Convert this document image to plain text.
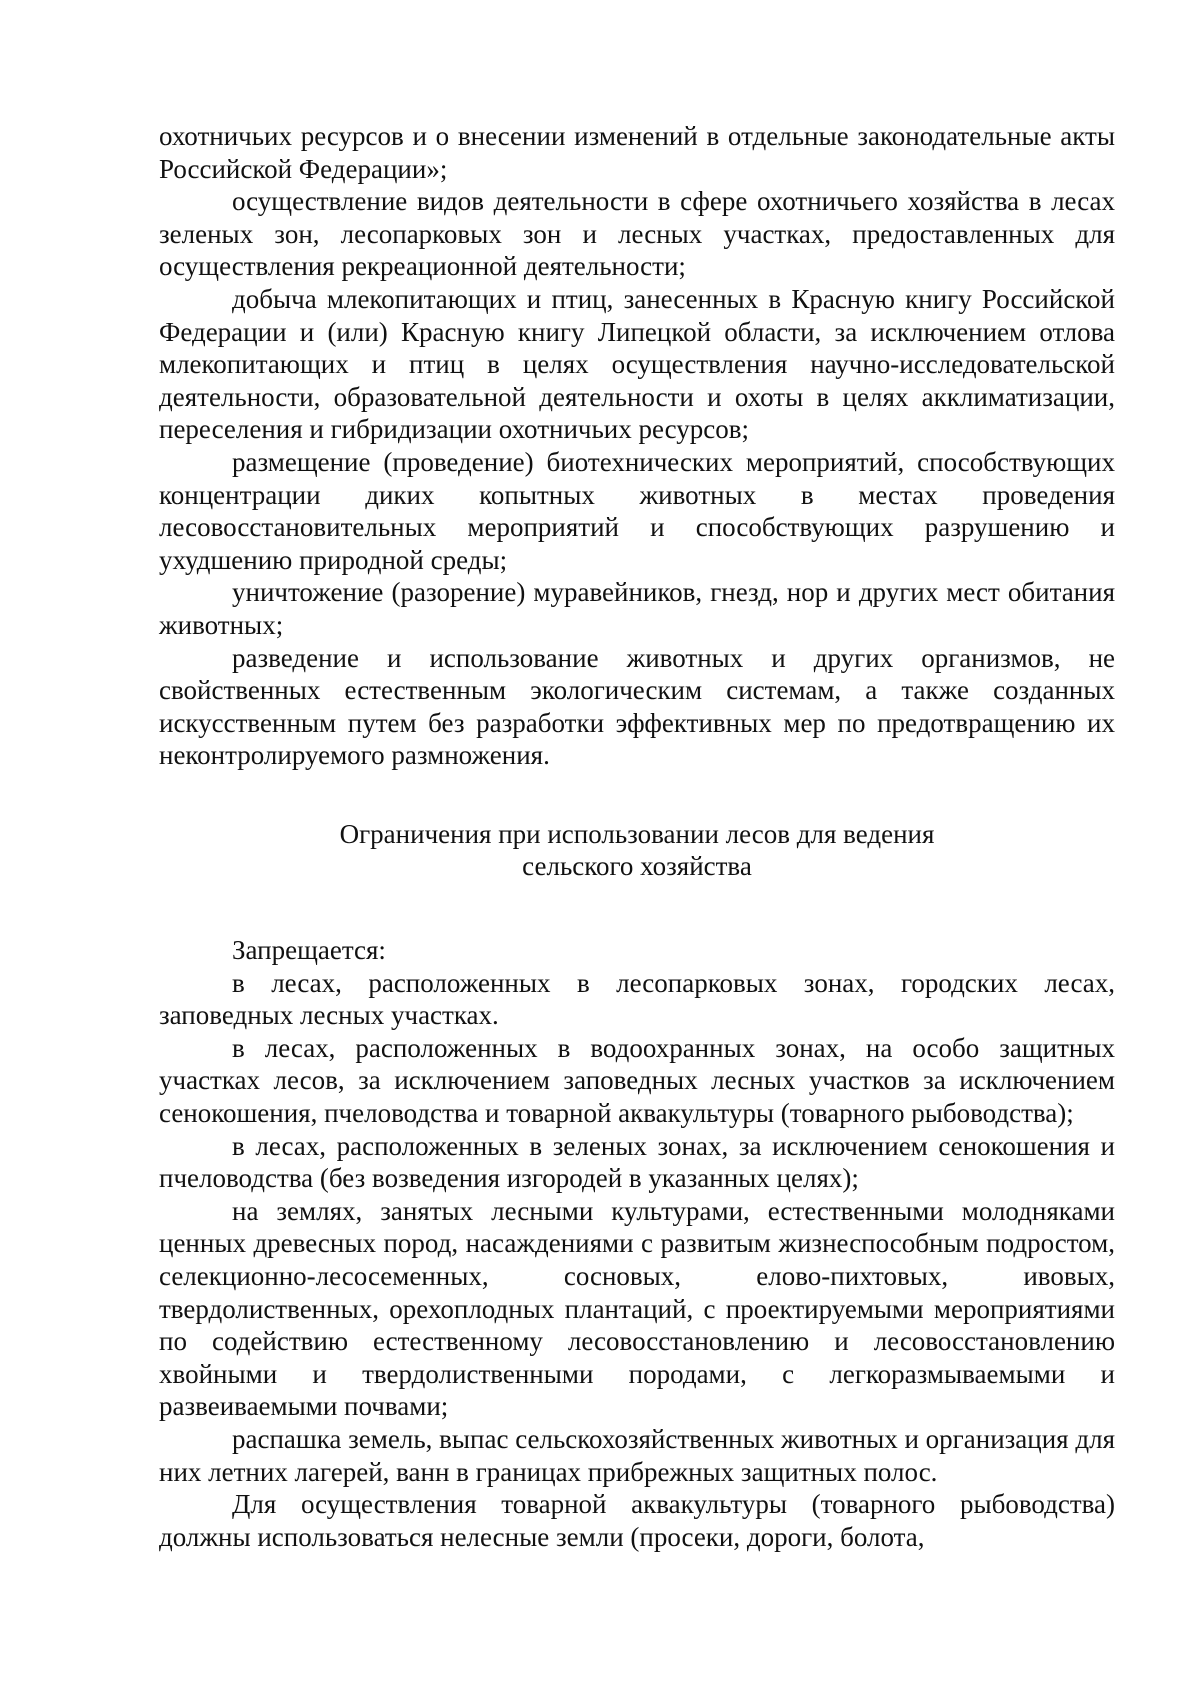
охотничьих ресурсов и о внесении изменений в отдельные законодательные акты Российской Федерации»;

осуществление видов деятельности в сфере охотничьего хозяйства в лесах зеленых зон, лесопарковых зон и лесных участках, предоставленных для осуществления рекреационной деятельности;

добыча млекопитающих и птиц, занесенных в Красную книгу Российской Федерации и (или) Красную книгу Липецкой области, за исключением отлова млекопитающих и птиц в целях осуществления научно-исследовательской деятельности, образовательной деятельности и охоты в целях акклиматизации, переселения и гибридизации охотничьих ресурсов;

размещение (проведение) биотехнических мероприятий, способствующих концентрации диких копытных животных в местах проведения лесовосстановительных мероприятий и способствующих разрушению и ухудшению природной среды;

уничтожение (разорение) муравейников, гнезд, нор и других мест обитания животных;

разведение и использование животных и других организмов, не свойственных естественным экологическим системам, а также созданных искусственным путем без разработки эффективных мер по предотвращению их неконтролируемого размножения.

Ограничения при использовании лесов для ведения
сельского хозяйства

Запрещается:

в лесах, расположенных в лесопарковых зонах, городских лесах, заповедных лесных участках.

в лесах, расположенных в водоохранных зонах, на особо защитных участках лесов, за исключением заповедных лесных участков за исключением сенокошения, пчеловодства и товарной аквакультуры (товарного рыбоводства);

в лесах, расположенных в зеленых зонах, за исключением сенокошения и пчеловодства (без возведения изгородей в указанных целях);

на землях, занятых лесными культурами, естественными молодняками ценных древесных пород, насаждениями с развитым жизнеспособным подростом, селекционно-лесосеменных, сосновых, елово-пихтовых, ивовых, твердолиственных, орехоплодных плантаций, с проектируемыми мероприятиями по содействию естественному лесовосстановлению и лесовосстановлению хвойными и твердолиственными породами, с легкоразмываемыми и развеиваемыми почвами;

распашка земель, выпас сельскохозяйственных животных и организация для них летних лагерей, ванн в границах прибрежных защитных полос.

Для осуществления товарной аквакультуры (товарного рыбоводства) должны использоваться нелесные земли (просеки, дороги, болота,
